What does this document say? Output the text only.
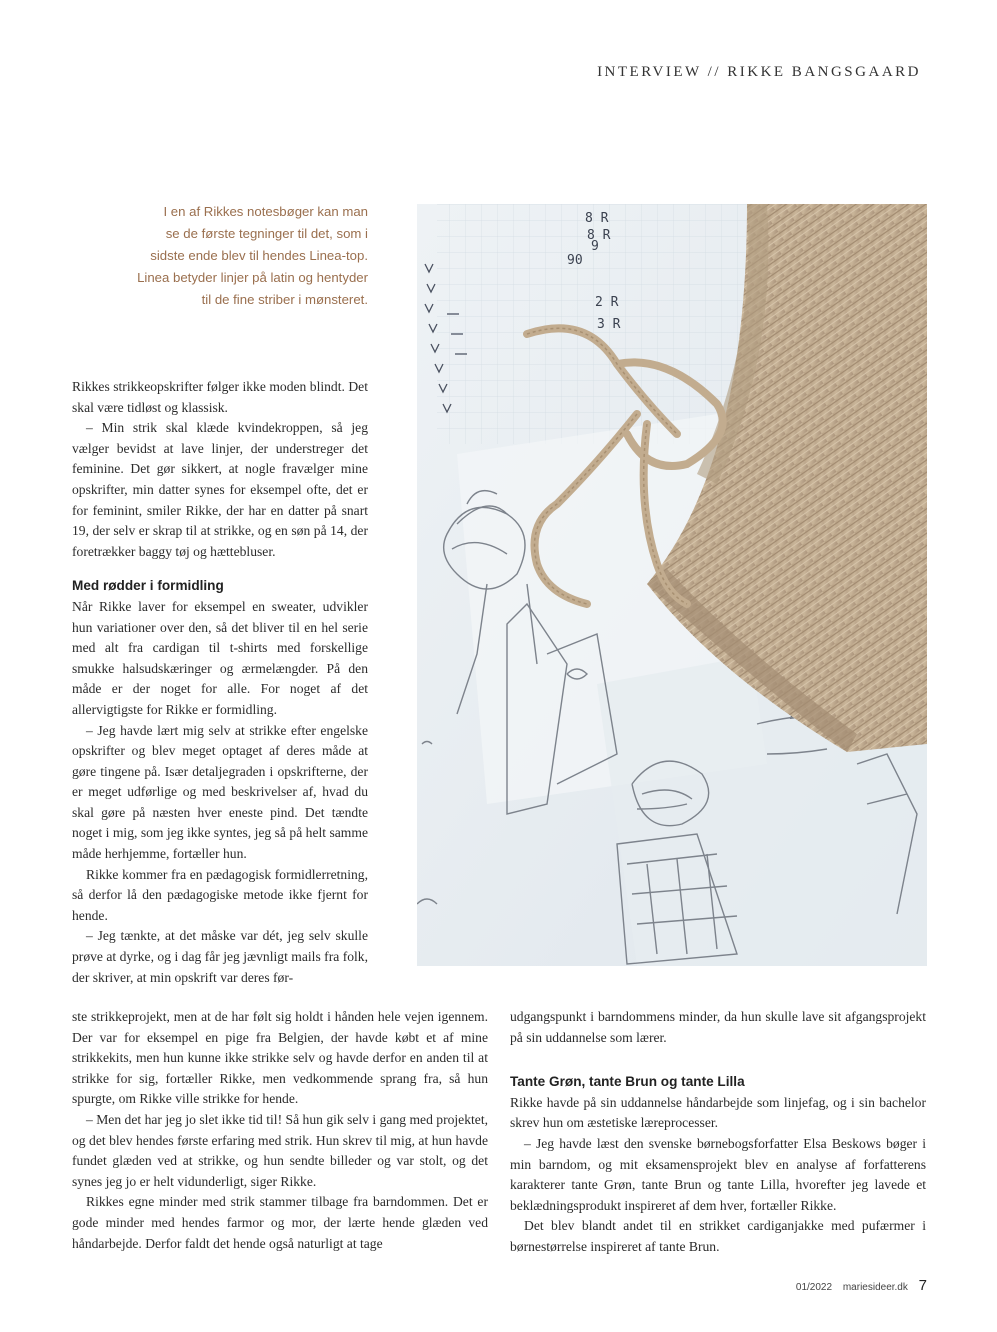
INTERVIEW // RIKKE BANGSGAARD

I en af Rikkes notesbøger kan man

se de første tegninger til det, som i

sidste ende blev til hendes Linea-top.

Linea betyder linjer på latin og hentyder

til de fine striber i mønsteret.

8 R
8 R
9
90
2 R
3 R

Rikkes strikkeopskrifter følger ikke moden blindt. Det skal være tidløst og klassisk.

– Min strik skal klæde kvindekroppen, så jeg vælger bevidst at lave linjer, der understreger det feminine. Det gør sikkert, at nogle fravælger mine opskrifter, min datter synes for eksempel ofte, det er for feminint, smiler Rikke, der har en datter på snart 19, der selv er skrap til at strikke, og en søn på 14, der foretrækker baggy tøj og hættebluser.

Med rødder i formidling

Når Rikke laver for eksempel en sweater, udvikler hun variationer over den, så det bliver til en hel serie med alt fra cardigan til t-shirts med forskellige smukke halsudskæringer og ærmelængder. På den måde er der noget for alle. For noget af det allervigtigste for Rikke er formidling.

– Jeg havde lært mig selv at strikke efter engelske opskrifter og blev meget optaget af deres måde at gøre tingene på. Især detaljegraden i opskrifterne, der er meget udførlige og med beskrivelser af, hvad du skal gøre på næsten hver eneste pind. Det tændte noget i mig, som jeg ikke syntes, jeg så på helt samme måde herhjemme, fortæller hun.

Rikke kommer fra en pædagogisk formidlerretning, så derfor lå den pædagogiske metode ikke fjernt for hende.

– Jeg tænkte, at det måske var dét, jeg selv skulle prøve at dyrke, og i dag får jeg jævnligt mails fra folk, der skriver, at min opskrift var deres før-

ste strikkeprojekt, men at de har følt sig holdt i hånden hele vejen igennem. Der var for eksempel en pige fra Belgien, der havde købt et af mine strikkekits, men hun kunne ikke strikke selv og havde derfor en anden til at strikke for sig, fortæller Rikke, men vedkommende sprang fra, så hun spurgte, om Rikke ville strikke for hende.

– Men det har jeg jo slet ikke tid til! Så hun gik selv i gang med projektet, og det blev hendes første erfaring med strik. Hun skrev til mig, at hun havde fundet glæden ved at strikke, og hun sendte billeder og var stolt, og det synes jeg jo er helt vidunderligt, siger Rikke.

Rikkes egne minder med strik stammer tilbage fra barndommen. Det er gode minder med hendes farmor og mor, der lærte hende glæden ved håndarbejde. Derfor faldt det hende også naturligt at tage

udgangspunkt i barndommens minder, da hun skulle lave sit afgangsprojekt på sin uddannelse som lærer.

Tante Grøn, tante Brun og tante Lilla

Rikke havde på sin uddannelse håndarbejde som linjefag, og i sin bachelor skrev hun om æstetiske læreprocesser.

– Jeg havde læst den svenske børnebogsforfatter Elsa Beskows bøger i min barndom, og mit eksamensprojekt blev en analyse af forfatterens karakterer tante Grøn, tante Brun og tante Lilla, hvorefter jeg lavede et beklædningsprodukt inspireret af dem hver, fortæller Rikke.

Det blev blandt andet til en strikket cardiganjakke med pufærmer i børnestørrelse inspireret af tante Brun.

01/2022 mariesideer.dk 7
